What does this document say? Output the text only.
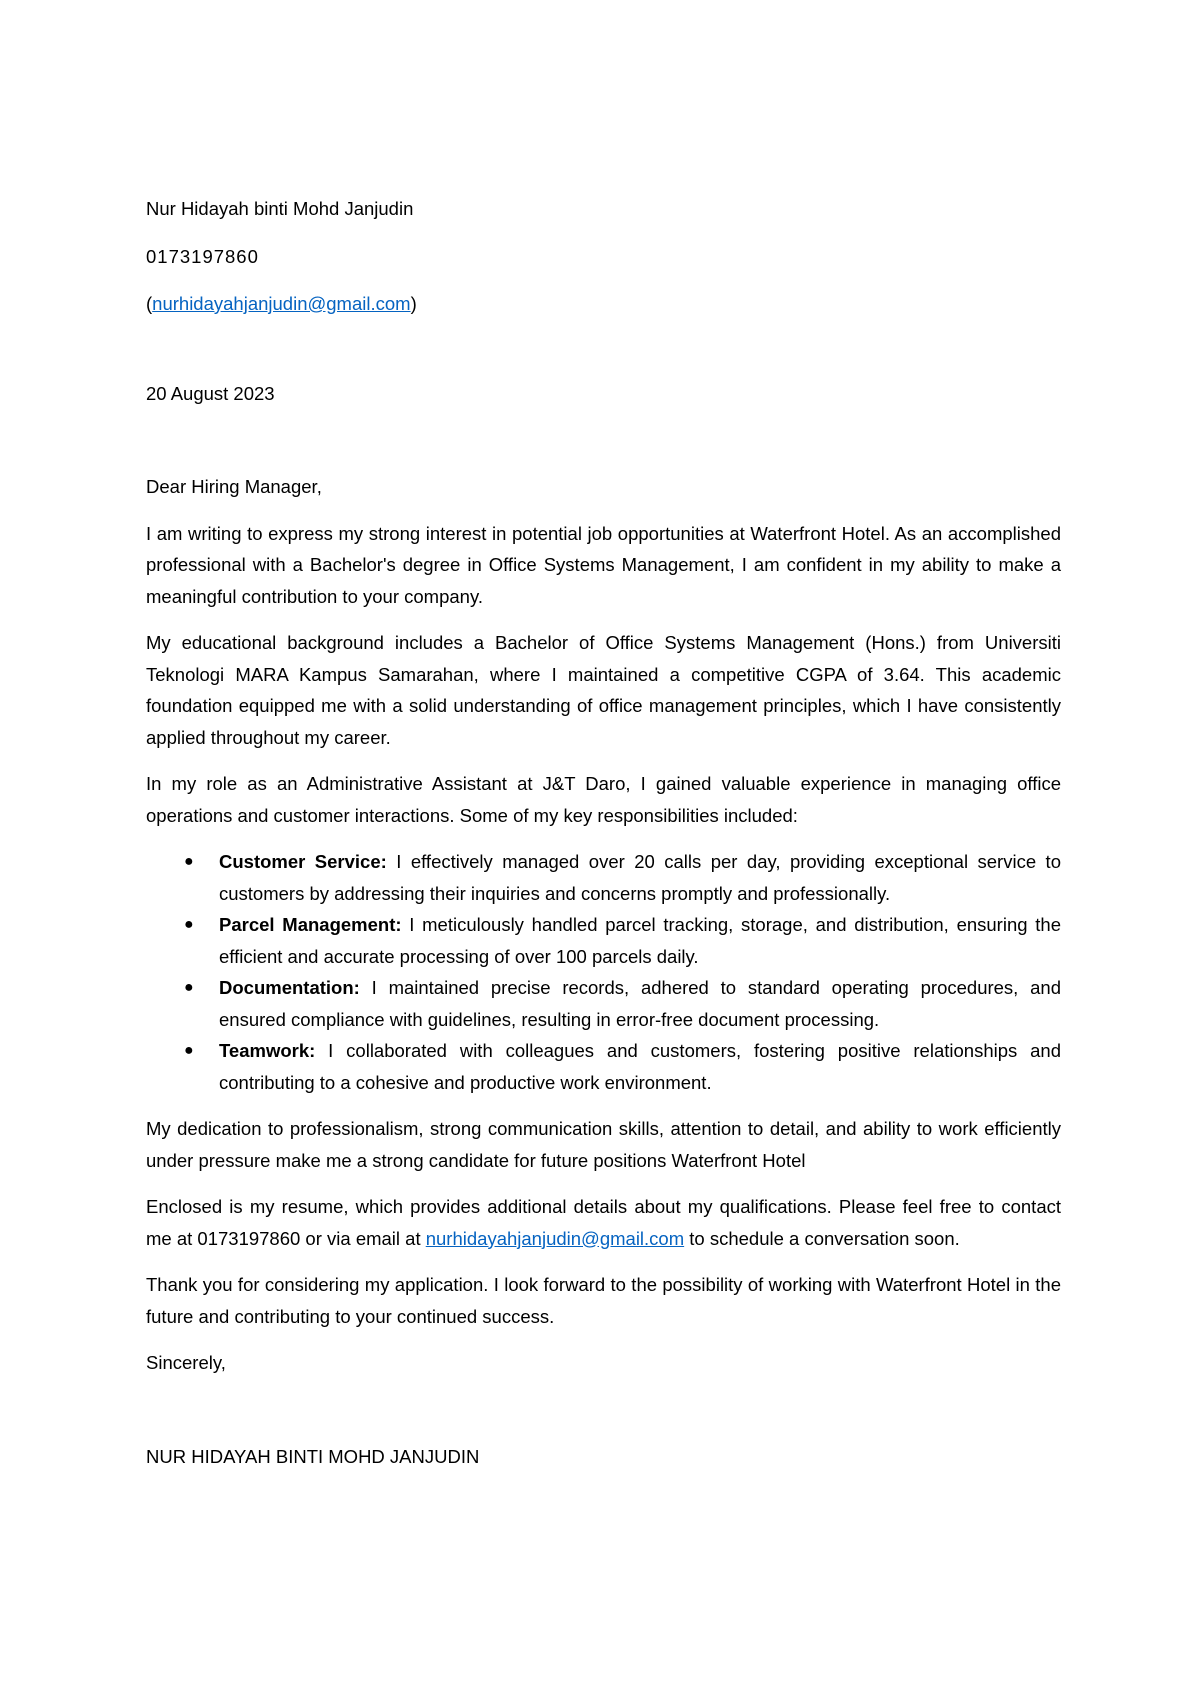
Nur Hidayah binti Mohd Janjudin

0173197860

(nurhidayahjanjudin@gmail.com)

20 August 2023

Dear Hiring Manager,

I am writing to express my strong interest in potential job opportunities at Waterfront Hotel. As an accomplished professional with a Bachelor's degree in Office Systems Management, I am confident in my ability to make a meaningful contribution to your company.

My educational background includes a Bachelor of Office Systems Management (Hons.) from Universiti Teknologi MARA Kampus Samarahan, where I maintained a competitive CGPA of 3.64. This academic foundation equipped me with a solid understanding of office management principles, which I have consistently applied throughout my career.

In my role as an Administrative Assistant at J&T Daro, I gained valuable experience in managing office operations and customer interactions. Some of my key responsibilities included:

● Customer Service: I effectively managed over 20 calls per day, providing exceptional service to customers by addressing their inquiries and concerns promptly and professionally.
● Parcel Management: I meticulously handled parcel tracking, storage, and distribution, ensuring the efficient and accurate processing of over 100 parcels daily.
● Documentation: I maintained precise records, adhered to standard operating procedures, and ensured compliance with guidelines, resulting in error-free document processing.
● Teamwork: I collaborated with colleagues and customers, fostering positive relationships and contributing to a cohesive and productive work environment.

My dedication to professionalism, strong communication skills, attention to detail, and ability to work efficiently under pressure make me a strong candidate for future positions Waterfront Hotel

Enclosed is my resume, which provides additional details about my qualifications. Please feel free to contact me at 0173197860 or via email at nurhidayahjanjudin@gmail.com to schedule a conversation soon.

Thank you for considering my application. I look forward to the possibility of working with Waterfront Hotel in the future and contributing to your continued success.

Sincerely,

NUR HIDAYAH BINTI MOHD JANJUDIN
